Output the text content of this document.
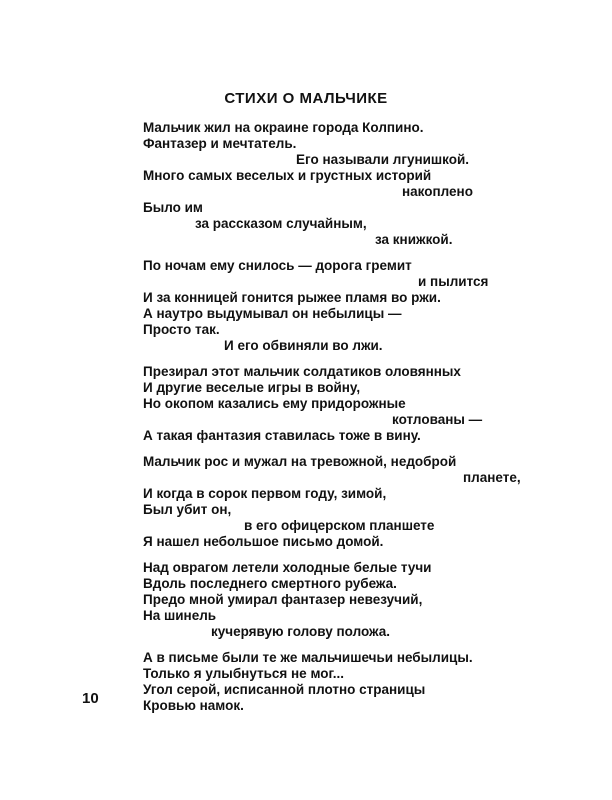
СТИХИ О МАЛЬЧИКЕ
Мальчик жил на окраине города Колпино.
Фантазер и мечтатель.
Его называли лгунишкой.
Много самых веселых и грустных историй
накоплено
Было им
за рассказом случайным,
за книжкой.
По ночам ему снилось — дорога гремит
и пылится
И за конницей гонится рыжее пламя во ржи.
А наутро выдумывал он небылицы —
Просто так.
И его обвиняли во лжи.
Презирал этот мальчик солдатиков оловянных
И другие веселые игры в войну,
Но окопом казались ему придорожные
котлованы —
А такая фантазия ставилась тоже в вину.
Мальчик рос и мужал на тревожной, недоброй
планете,
И когда в сорок первом году, зимой,
Был убит он,
в его офицерском планшете
Я нашел небольшое письмо домой.
Над оврагом летели холодные белые тучи
Вдоль последнего смертного рубежа.
Предо мной умирал фантазер невезучий,
На шинель
кучерявую голову положа.
А в письме были те же мальчишечьи небылицы.
Только я улыбнуться не мог...
Угол серой, исписанной плотно страницы
Кровью намок.
10
